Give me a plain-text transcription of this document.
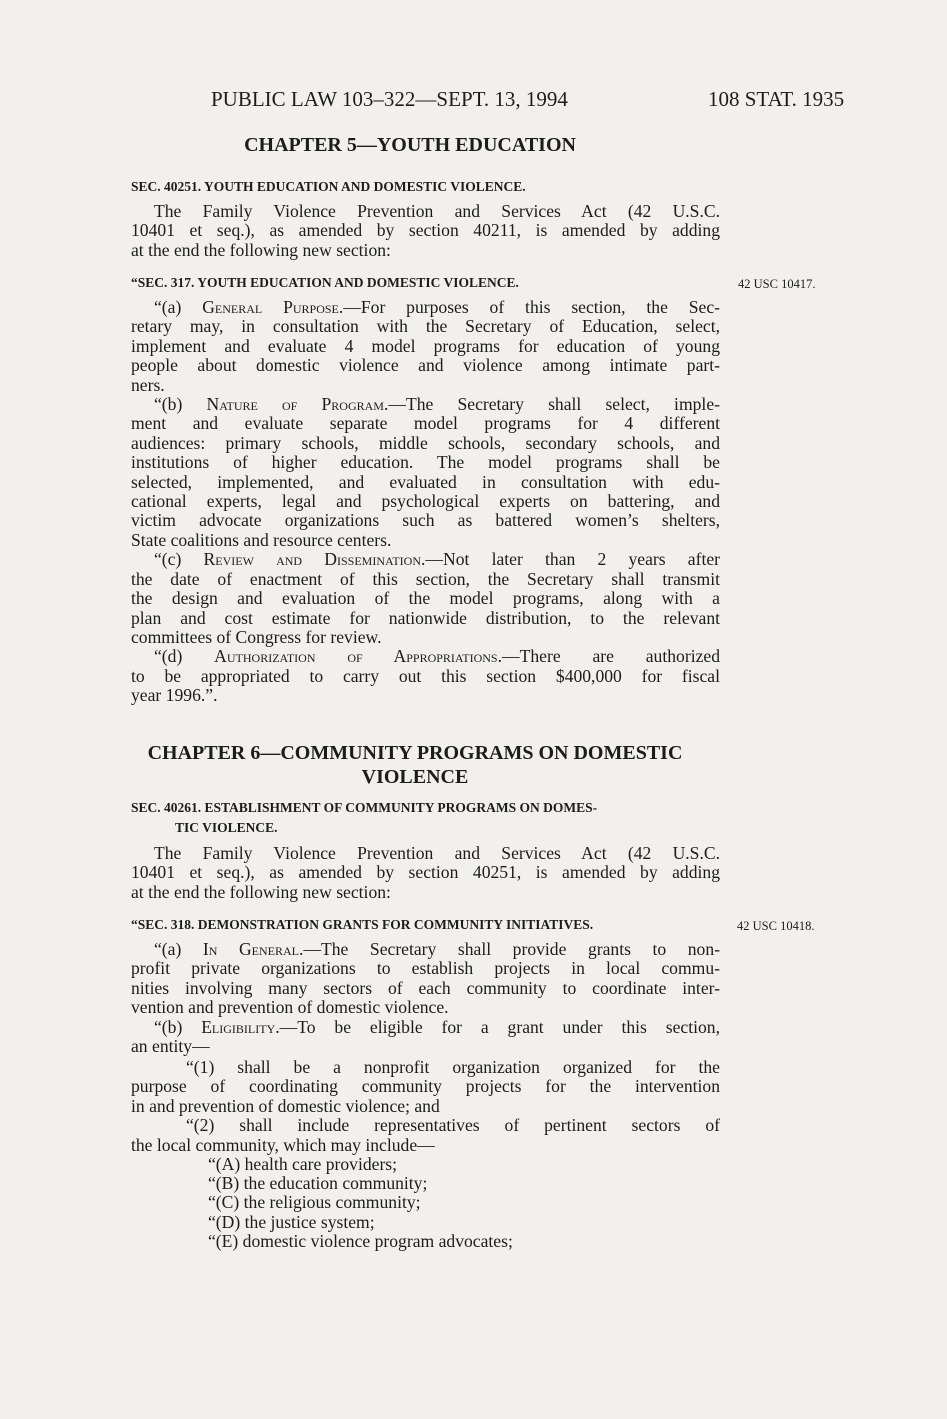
PUBLIC LAW 103–322—SEPT. 13, 1994	108 STAT. 1935
CHAPTER 5—YOUTH EDUCATION
SEC. 40251. YOUTH EDUCATION AND DOMESTIC VIOLENCE.
The Family Violence Prevention and Services Act (42 U.S.C.
10401 et seq.), as amended by section 40211, is amended by adding
at the end the following new section:
“SEC. 317. YOUTH EDUCATION AND DOMESTIC VIOLENCE.	42 USC 10417.
“(a) General Purpose.—For purposes of this section, the Sec-
retary may, in consultation with the Secretary of Education, select,
implement and evaluate 4 model programs for education of young
people about domestic violence and violence among intimate part-
ners.
“(b) Nature of Program.—The Secretary shall select, imple-
ment and evaluate separate model programs for 4 different
audiences: primary schools, middle schools, secondary schools, and
institutions of higher education. The model programs shall be
selected, implemented, and evaluated in consultation with edu-
cational experts, legal and psychological experts on battering, and
victim advocate organizations such as battered women’s shelters,
State coalitions and resource centers.
“(c) Review and Dissemination.—Not later than 2 years after
the date of enactment of this section, the Secretary shall transmit
the design and evaluation of the model programs, along with a
plan and cost estimate for nationwide distribution, to the relevant
committees of Congress for review.
“(d) Authorization of Appropriations.—There are authorized
to be appropriated to carry out this section $400,000 for fiscal
year 1996.”.
CHAPTER 6—COMMUNITY PROGRAMS ON DOMESTIC
VIOLENCE
SEC. 40261. ESTABLISHMENT OF COMMUNITY PROGRAMS ON DOMES-
TIC VIOLENCE.
The Family Violence Prevention and Services Act (42 U.S.C.
10401 et seq.), as amended by section 40251, is amended by adding
at the end the following new section:
“SEC. 318. DEMONSTRATION GRANTS FOR COMMUNITY INITIATIVES.	42 USC 10418.
“(a) In General.—The Secretary shall provide grants to non-
profit private organizations to establish projects in local commu-
nities involving many sectors of each community to coordinate inter-
vention and prevention of domestic violence.
“(b) Eligibility.—To be eligible for a grant under this section,
an entity—
“(1) shall be a nonprofit organization organized for the
purpose of coordinating community projects for the intervention
in and prevention of domestic violence; and
“(2) shall include representatives of pertinent sectors of
the local community, which may include—
“(A) health care providers;
“(B) the education community;
“(C) the religious community;
“(D) the justice system;
“(E) domestic violence program advocates;
